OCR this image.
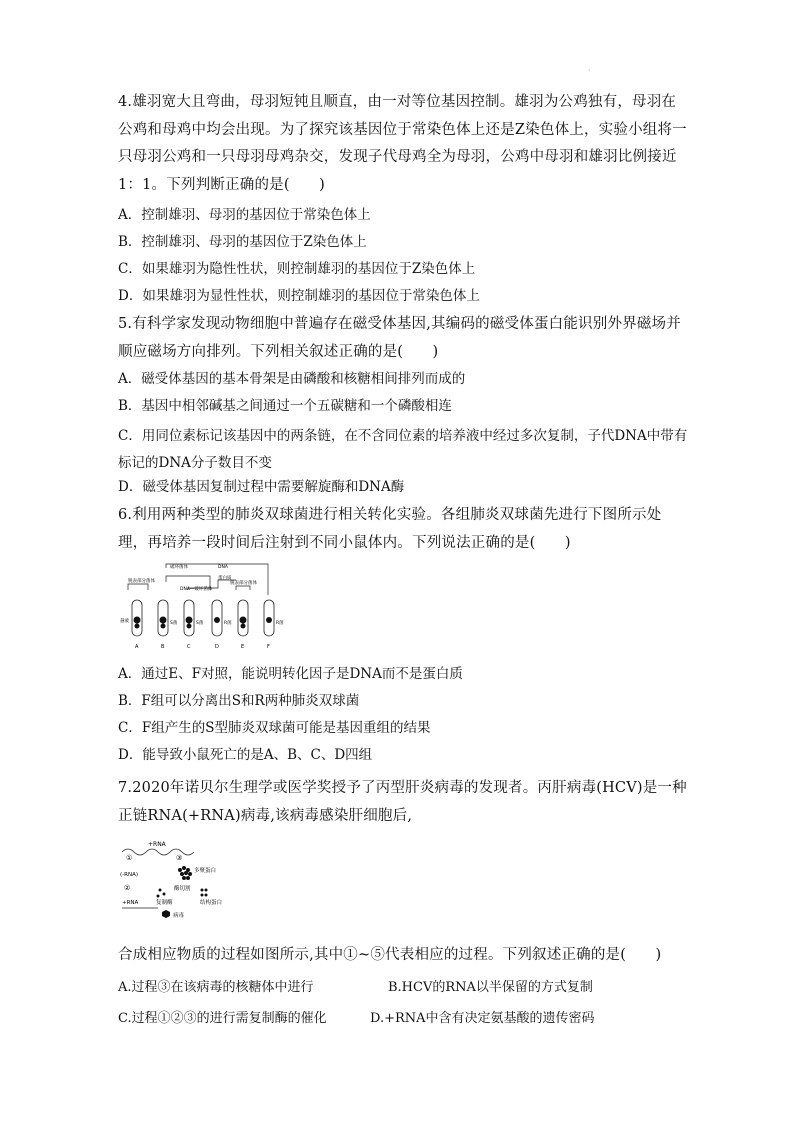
·
4.雄羽宽大且弯曲，母羽短钝且顺直，由一对等位基因控制。雄羽为公鸡独有，母羽在公鸡和母鸡中均会出现。为了探究该基因位于常染色体上还是Z染色体上，实验小组将一只母羽公鸡和一只母羽母鸡杂交，发现子代母鸡全为母羽，公鸡中母羽和雄羽比例接近1：1。下列判断正确的是(　　)
A．控制雄羽、母羽的基因位于常染色体上
B．控制雄羽、母羽的基因位于Z染色体上
C．如果雄羽为隐性性状，则控制雄羽的基因位于Z染色体上
D．如果雄羽为显性性状，则控制雄羽的基因位于常染色体上
5.有科学家发现动物细胞中普遍存在磁受体基因,其编码的磁受体蛋白能识别外界磁场并顺应磁场方向排列。下列相关叙述正确的是(　　)
A．磁受体基因的基本骨架是由磷酸和核糖相间排列而成的
B．基因中相邻碱基之间通过一个五碳糖和一个磷酸相连
C．用同位素标记该基因中的两条链，在不含同位素的培养液中经过多次复制，子代DNA中带有标记的DNA分子数目不变
D．磁受体基因复制过程中需要解旋酶和DNA酶
6.利用两种类型的肺炎双球菌进行相关转化实验。各组肺炎双球菌先进行下图所示处理，再培养一段时间后注射到不同小鼠体内。下列说法正确的是(　　)
破坏菌体	DNA
蛋白质
脱表部分菌体
DNA—破坏菌体
脱表部分菌体
悬液	S菌	S菌	R菌	R菌
A	B	C	D	E	F
A．通过E、F对照，能说明转化因子是DNA而不是蛋白质
B．F组可以分离出S和R两种肺炎双球菌
C．F组产生的S型肺炎双球菌可能是基因重组的结果
D．能导致小鼠死亡的是A、B、C、D四组
7.2020年诺贝尔生理学或医学奖授予了丙型肝炎病毒的发现者。丙肝病毒(HCV)是一种正链RNA(+RNA)病毒,该病毒感染肝细胞后,
+RNA
①	③
(-RNA)
②
多聚蛋白
酶切割
复制酶	结构蛋白
+RNA
病毒
合成相应物质的过程如图所示,其中①~⑤代表相应的过程。下列叙述正确的是(　　)
A.过程③在该病毒的核糖体中进行	B.HCV的RNA以半保留的方式复制
C.过程①②③的进行需复制酶的催化	D.+RNA中含有决定氨基酸的遗传密码
